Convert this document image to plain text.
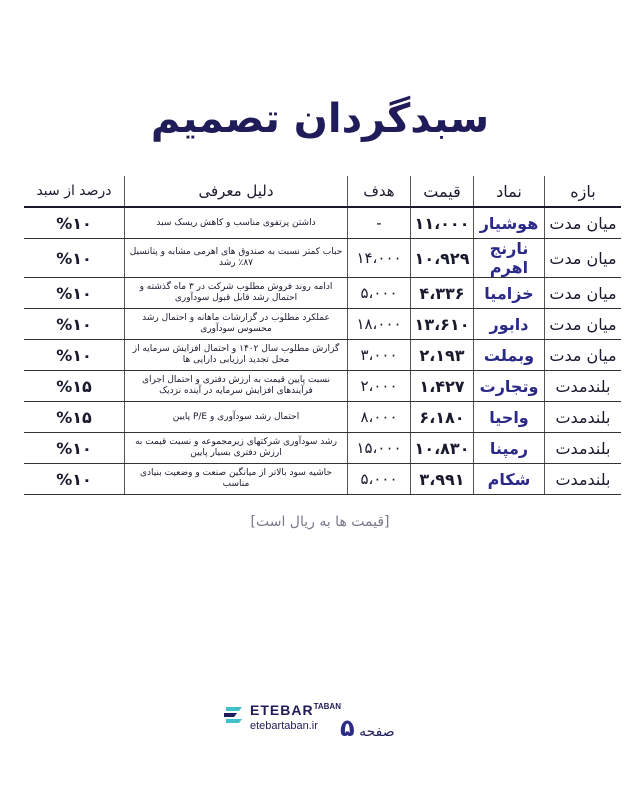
سبدگردان تصمیم
بازه	نماد	قیمت	هدف	دلیل معرفی	درصد از سبد
میان مدت	هوشیار	۱۱،۰۰۰	-	داشتن پرتفوی مناسب و کاهش ریسک سبد	%۱۰
میان مدت	نارنج اهرم	۱۰،۹۲۹	۱۴،۰۰۰	حباب کمتر نسبت به صندوق های اهرمی مشابه و پتانسیل ۸۷٪ رشد	%۱۰
میان مدت	خزامیا	۴،۳۳۶	۵،۰۰۰	ادامه روند فروش مطلوب شرکت در ۳ ماه گذشته و احتمال رشد قابل قبول سودآوری	%۱۰
میان مدت	دابور	۱۳،۶۱۰	۱۸،۰۰۰	عملکرد مطلوب در گزارشات ماهانه و احتمال رشد محسوس سودآوری	%۱۰
میان مدت	وبملت	۲،۱۹۳	۳،۰۰۰	گزارش مطلوب سال ۱۴۰۲ و احتمال افزایش سرمایه از محل تجدید ارزیابی دارایی ها	%۱۰
بلندمدت	وتجارت	۱،۴۲۷	۲،۰۰۰	نسبت پایین قیمت به ارزش دفتری و احتمال اجرای فرآیندهای افزایش سرمایه در آینده نزدیک	%۱۵
بلندمدت	واحیا	۶،۱۸۰	۸،۰۰۰	احتمال رشد سودآوری و P/E پایین	%۱۵
بلندمدت	رمپنا	۱۰،۸۳۰	۱۵،۰۰۰	رشد سودآوری شرکتهای زیرمجموعه و نسبت قیمت به ارزش دفتری بسیار پایین	%۱۰
بلندمدت	شکام	۳،۹۹۱	۵،۰۰۰	حاشیه سود بالاتر از میانگین صنعت و وضعیت بنیادی مناسب	%۱۰
[قیمت ها به ریال است]
$ETEBAR^{TABAN}$
etebartaban.ir	صفحه ۵
